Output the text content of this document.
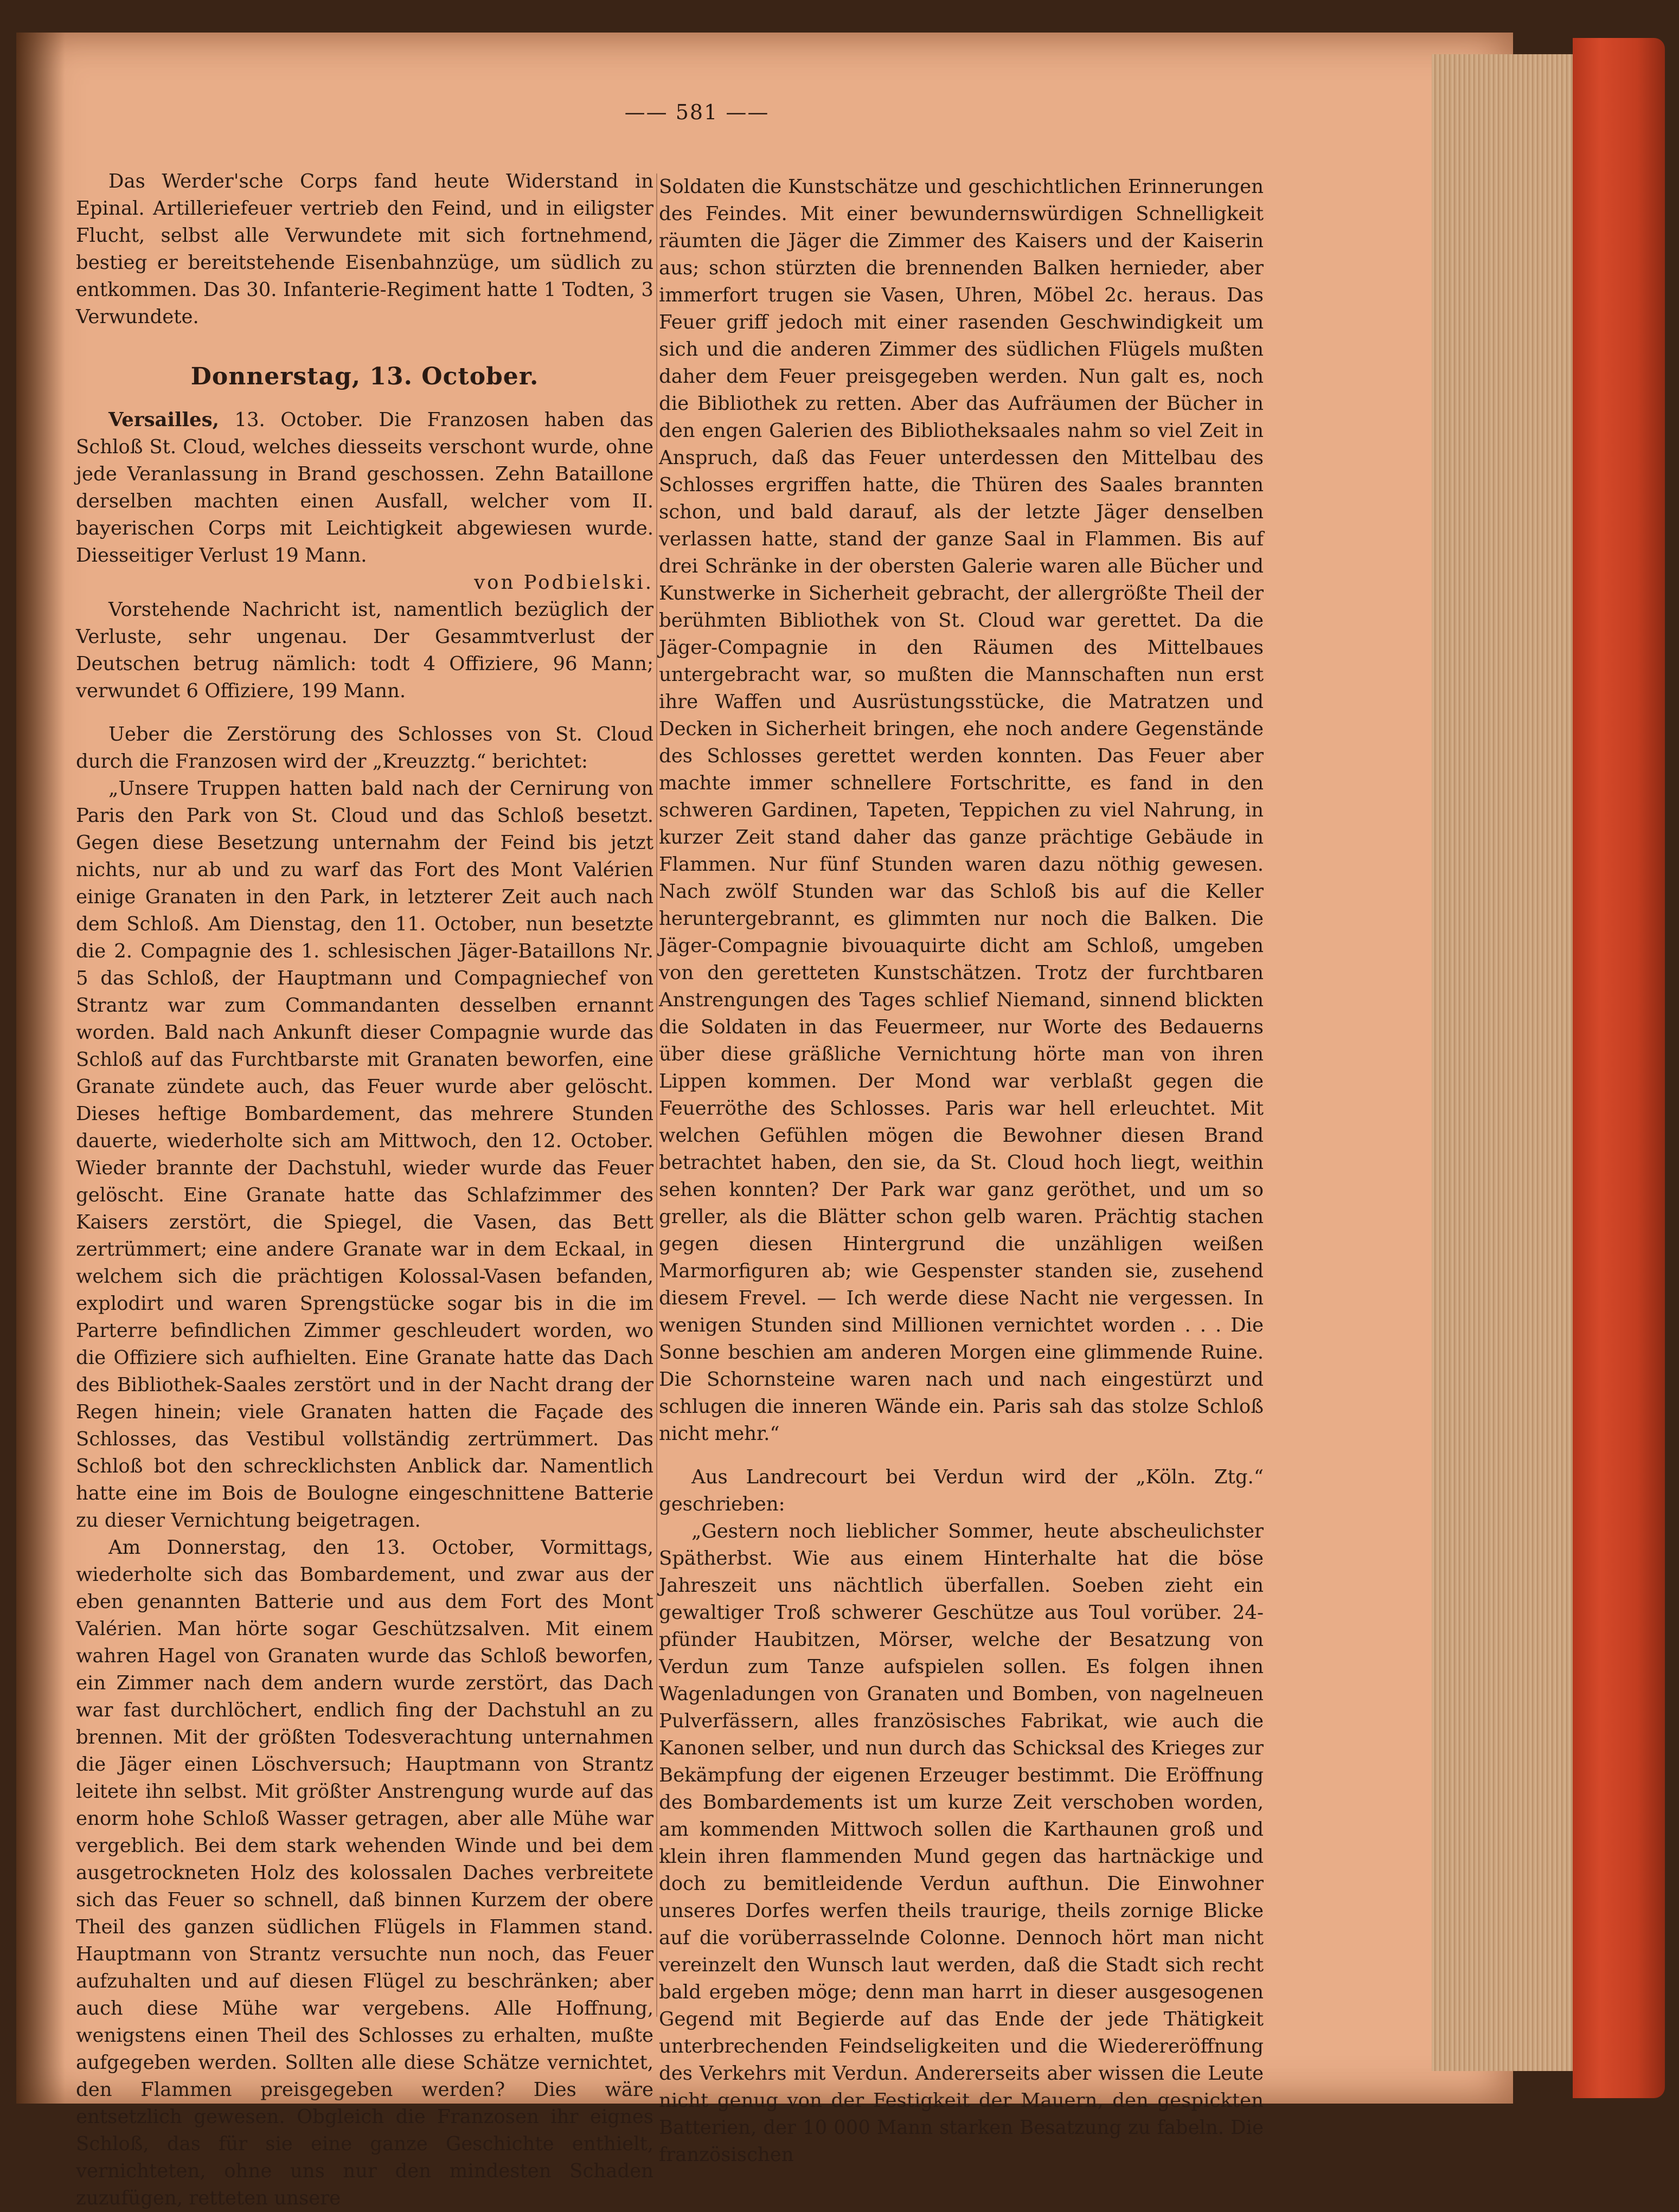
—— 581 ——

Das Werder'sche Corps fand heute Widerstand in Epinal. Artilleriefeuer vertrieb den Feind, und in eiligster Flucht, selbst alle Verwundete mit sich fortnehmend, bestieg er bereitstehende Eisenbahnzüge, um südlich zu entkommen. Das 30. Infanterie-Regiment hatte 1 Todten, 3 Verwundete.

Donnerstag, 13. October.

Versailles, 13. October. Die Franzosen haben das Schloß St. Cloud, welches diesseits verschont wurde, ohne jede Veranlassung in Brand geschossen. Zehn Bataillone derselben machten einen Ausfall, welcher vom II. bayerischen Corps mit Leichtigkeit abgewiesen wurde. Diesseitiger Verlust 19 Mann.

von Podbielski.

Vorstehende Nachricht ist, namentlich bezüglich der Verluste, sehr ungenau. Der Gesammtverlust der Deutschen betrug nämlich: todt 4 Offiziere, 96 Mann; verwundet 6 Offiziere, 199 Mann.

Ueber die Zerstörung des Schlosses von St. Cloud durch die Franzosen wird der „Kreuzztg.“ berichtet:

„Unsere Truppen hatten bald nach der Cernirung von Paris den Park von St. Cloud und das Schloß besetzt. Gegen diese Besetzung unternahm der Feind bis jetzt nichts, nur ab und zu warf das Fort des Mont Valérien einige Granaten in den Park, in letzterer Zeit auch nach dem Schloß. Am Dienstag, den 11. October, nun besetzte die 2. Compagnie des 1. schlesischen Jäger-Bataillons Nr. 5 das Schloß, der Hauptmann und Compagniechef von Strantz war zum Commandanten desselben ernannt worden. Bald nach Ankunft dieser Compagnie wurde das Schloß auf das Furchtbarste mit Granaten beworfen, eine Granate zündete auch, das Feuer wurde aber gelöscht. Dieses heftige Bombardement, das mehrere Stunden dauerte, wiederholte sich am Mittwoch, den 12. October. Wieder brannte der Dachstuhl, wieder wurde das Feuer gelöscht. Eine Granate hatte das Schlafzimmer des Kaisers zerstört, die Spiegel, die Vasen, das Bett zertrümmert; eine andere Granate war in dem Eckaal, in welchem sich die prächtigen Kolossal-Vasen befanden, explodirt und waren Sprengstücke sogar bis in die im Parterre befindlichen Zimmer geschleudert worden, wo die Offiziere sich aufhielten. Eine Granate hatte das Dach des Bibliothek-Saales zerstört und in der Nacht drang der Regen hinein; viele Granaten hatten die Façade des Schlosses, das Vestibul vollständig zertrümmert. Das Schloß bot den schrecklichsten Anblick dar. Namentlich hatte eine im Bois de Boulogne eingeschnittene Batterie zu dieser Vernichtung beigetragen.

Am Donnerstag, den 13. October, Vormittags, wiederholte sich das Bombardement, und zwar aus der eben genannten Batterie und aus dem Fort des Mont Valérien. Man hörte sogar Geschützsalven. Mit einem wahren Hagel von Granaten wurde das Schloß beworfen, ein Zimmer nach dem andern wurde zerstört, das Dach war fast durchlöchert, endlich fing der Dachstuhl an zu brennen. Mit der größten Todesverachtung unternahmen die Jäger einen Löschversuch; Hauptmann von Strantz leitete ihn selbst. Mit größter Anstrengung wurde auf das enorm hohe Schloß Wasser getragen, aber alle Mühe war vergeblich. Bei dem stark wehenden Winde und bei dem ausgetrockneten Holz des kolossalen Daches verbreitete sich das Feuer so schnell, daß binnen Kurzem der obere Theil des ganzen südlichen Flügels in Flammen stand. Hauptmann von Strantz versuchte nun noch, das Feuer aufzuhalten und auf diesen Flügel zu beschränken; aber auch diese Mühe war vergebens. Alle Hoffnung, wenigstens einen Theil des Schlosses zu erhalten, mußte aufgegeben werden. Sollten alle diese Schätze vernichtet, den Flammen preisgegeben werden? Dies wäre entsetzlich gewesen. Obgleich die Franzosen ihr eignes Schloß, das für sie eine ganze Geschichte enthielt, vernichteten, ohne uns nur den mindesten Schaden zuzufügen, retteten unsere

Soldaten die Kunstschätze und geschichtlichen Erinnerungen des Feindes. Mit einer bewundernswürdigen Schnelligkeit räumten die Jäger die Zimmer des Kaisers und der Kaiserin aus; schon stürzten die brennenden Balken hernieder, aber immerfort trugen sie Vasen, Uhren, Möbel 2c. heraus. Das Feuer griff jedoch mit einer rasenden Geschwindigkeit um sich und die anderen Zimmer des südlichen Flügels mußten daher dem Feuer preisgegeben werden. Nun galt es, noch die Bibliothek zu retten. Aber das Aufräumen der Bücher in den engen Galerien des Bibliotheksaales nahm so viel Zeit in Anspruch, daß das Feuer unterdessen den Mittelbau des Schlosses ergriffen hatte, die Thüren des Saales brannten schon, und bald darauf, als der letzte Jäger denselben verlassen hatte, stand der ganze Saal in Flammen. Bis auf drei Schränke in der obersten Galerie waren alle Bücher und Kunstwerke in Sicherheit gebracht, der allergrößte Theil der berühmten Bibliothek von St. Cloud war gerettet. Da die Jäger-Compagnie in den Räumen des Mittelbaues untergebracht war, so mußten die Mannschaften nun erst ihre Waffen und Ausrüstungsstücke, die Matratzen und Decken in Sicherheit bringen, ehe noch andere Gegenstände des Schlosses gerettet werden konnten. Das Feuer aber machte immer schnellere Fortschritte, es fand in den schweren Gardinen, Tapeten, Teppichen zu viel Nahrung, in kurzer Zeit stand daher das ganze prächtige Gebäude in Flammen. Nur fünf Stunden waren dazu nöthig gewesen. Nach zwölf Stunden war das Schloß bis auf die Keller heruntergebrannt, es glimmten nur noch die Balken. Die Jäger-Compagnie bivouaquirte dicht am Schloß, umgeben von den geretteten Kunstschätzen. Trotz der furchtbaren Anstrengungen des Tages schlief Niemand, sinnend blickten die Soldaten in das Feuermeer, nur Worte des Bedauerns über diese gräßliche Vernichtung hörte man von ihren Lippen kommen. Der Mond war verblaßt gegen die Feuerröthe des Schlosses. Paris war hell erleuchtet. Mit welchen Gefühlen mögen die Bewohner diesen Brand betrachtet haben, den sie, da St. Cloud hoch liegt, weithin sehen konnten? Der Park war ganz geröthet, und um so greller, als die Blätter schon gelb waren. Prächtig stachen gegen diesen Hintergrund die unzähligen weißen Marmorfiguren ab; wie Gespenster standen sie, zusehend diesem Frevel. — Ich werde diese Nacht nie vergessen. In wenigen Stunden sind Millionen vernichtet worden . . . Die Sonne beschien am anderen Morgen eine glimmende Ruine. Die Schornsteine waren nach und nach eingestürzt und schlugen die inneren Wände ein. Paris sah das stolze Schloß nicht mehr.“

Aus Landrecourt bei Verdun wird der „Köln. Ztg.“ geschrieben:

„Gestern noch lieblicher Sommer, heute abscheulichster Spätherbst. Wie aus einem Hinterhalte hat die böse Jahreszeit uns nächtlich überfallen. Soeben zieht ein gewaltiger Troß schwerer Geschütze aus Toul vorüber. 24-pfünder Haubitzen, Mörser, welche der Besatzung von Verdun zum Tanze aufspielen sollen. Es folgen ihnen Wagenladungen von Granaten und Bomben, von nagelneuen Pulverfässern, alles französisches Fabrikat, wie auch die Kanonen selber, und nun durch das Schicksal des Krieges zur Bekämpfung der eigenen Erzeuger bestimmt. Die Eröffnung des Bombardements ist um kurze Zeit verschoben worden, am kommenden Mittwoch sollen die Karthaunen groß und klein ihren flammenden Mund gegen das hartnäckige und doch zu bemitleidende Verdun aufthun. Die Einwohner unseres Dorfes werfen theils traurige, theils zornige Blicke auf die vorüberrasselnde Colonne. Dennoch hört man nicht vereinzelt den Wunsch laut werden, daß die Stadt sich recht bald ergeben möge; denn man harrt in dieser ausgesogenen Gegend mit Begierde auf das Ende der jede Thätigkeit unterbrechenden Feindseligkeiten und die Wiedereröffnung des Verkehrs mit Verdun. Andererseits aber wissen die Leute nicht genug von der Festigkeit der Mauern, den gespickten Batterien, der 10 000 Mann starken Besatzung zu fabeln. Die französischen
